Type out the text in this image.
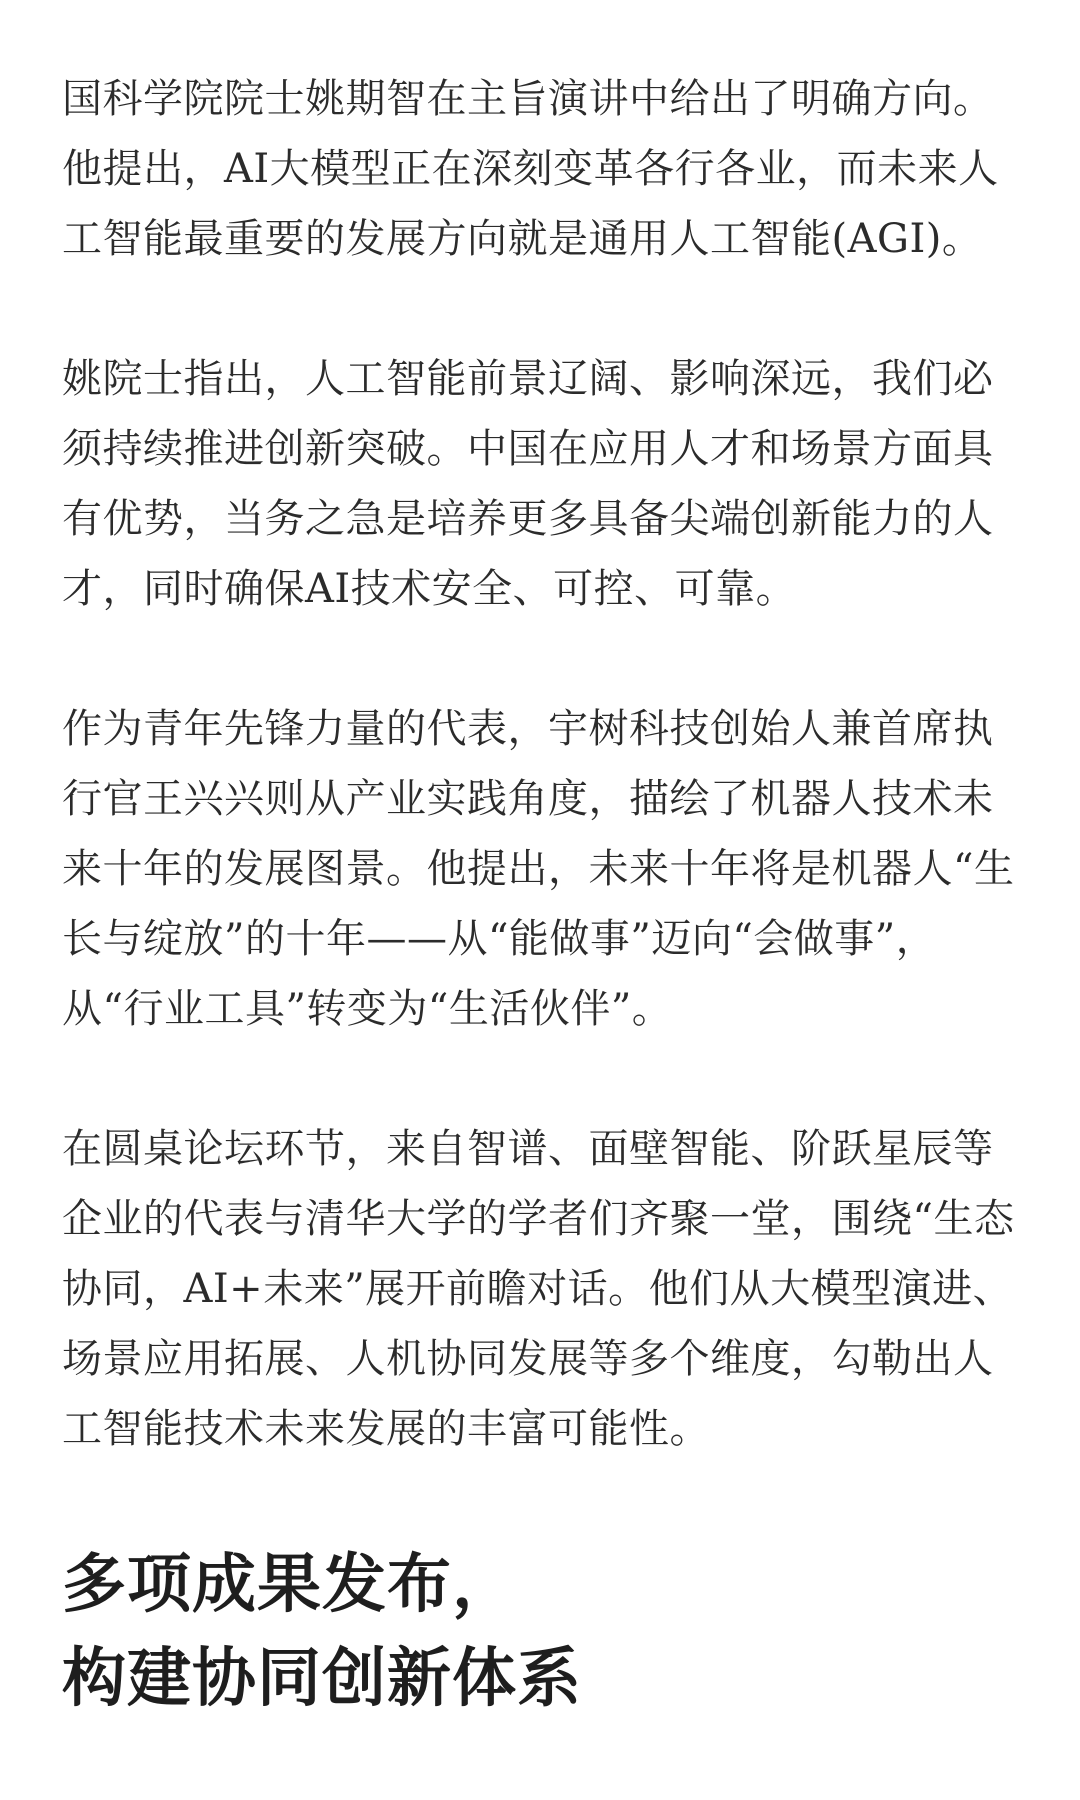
国科学院院士姚期智在主旨演讲中给出了明确方向。他提出，AI大模型正在深刻变革各行各业，而未来人工智能最重要的发展方向就是通用人工智能(AGI)。

姚院士指出，人工智能前景辽阔、影响深远，我们必须持续推进创新突破。中国在应用人才和场景方面具有优势，当务之急是培养更多具备尖端创新能力的人才，同时确保AI技术安全、可控、可靠。

作为青年先锋力量的代表，宇树科技创始人兼首席执行官王兴兴则从产业实践角度，描绘了机器人技术未来十年的发展图景。他提出，未来十年将是机器人“生长与绽放”的十年——从“能做事”迈向“会做事”，从“行业工具”转变为“生活伙伴”。

在圆桌论坛环节，来自智谱、面壁智能、阶跃星辰等企业的代表与清华大学的学者们齐聚一堂，围绕“生态协同，AI+未来”展开前瞻对话。他们从大模型演进、场景应用拓展、人机协同发展等多个维度，勾勒出人工智能技术未来发展的丰富可能性。

多项成果发布，
构建协同创新体系
